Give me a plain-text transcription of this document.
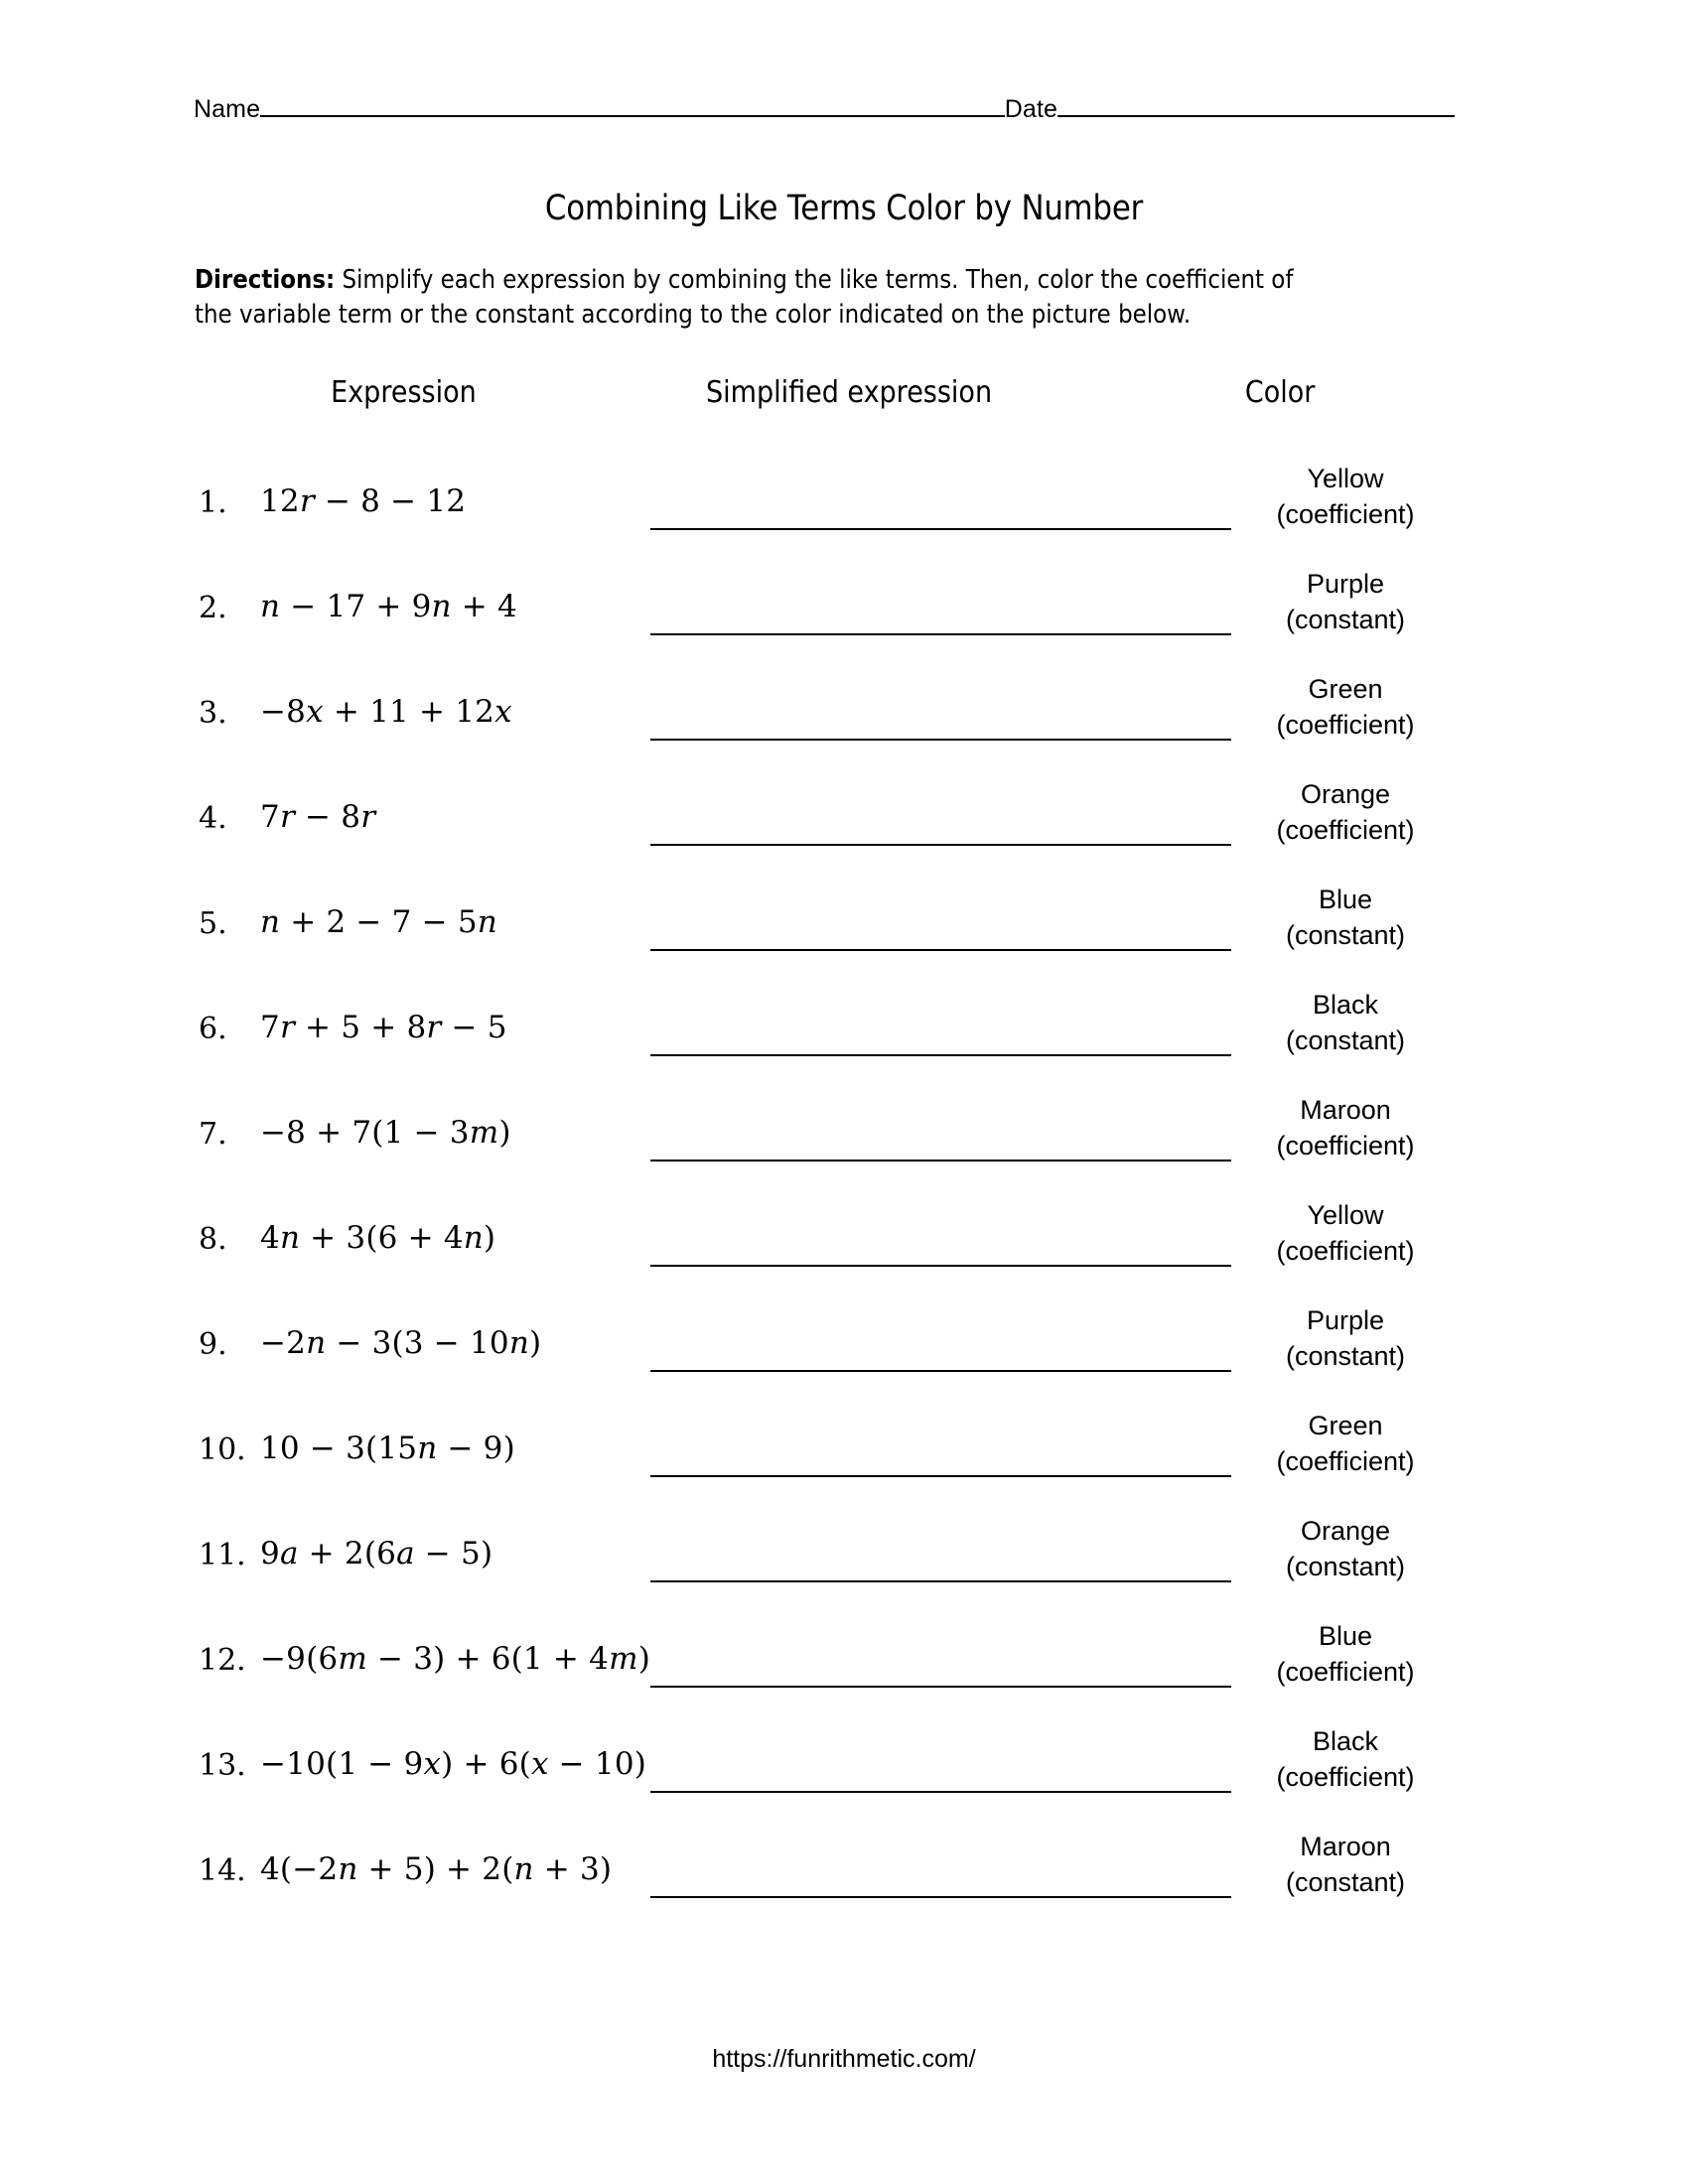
Name	Date
Combining Like Terms Color by Number
Directions: Simplify each expression by combining the like terms. Then, color the coefficient of the variable term or the constant according to the color indicated on the picture below.
Expression	Simplified expression	Color
1.	12r − 8 − 12
Yellow
(coefficient)
2.	n − 17 + 9n + 4
Purple
(constant)
3.	−8x + 11 + 12x
Green
(coefficient)
4.	7r − 8r
Orange
(coefficient)
5.	n + 2 − 7 − 5n
Blue
(constant)
6.	7r + 5 + 8r − 5
Black
(constant)
7.	−8 + 7(1 − 3m)
Maroon
(coefficient)
8.	4n + 3(6 + 4n)
Yellow
(coefficient)
9.	−2n − 3(3 − 10n)
Purple
(constant)
10. 10 − 3(15n − 9)
Green
(coefficient)
11. 9a + 2(6a − 5)
Orange
(constant)
12. −9(6m − 3) + 6(1 + 4m)
Blue
(coefficient)
13. −10(1 − 9x) + 6(x − 10)
Black
(coefficient)
14. 4(−2n + 5) + 2(n + 3)
Maroon
(constant)
https://funrithmetic.com/
